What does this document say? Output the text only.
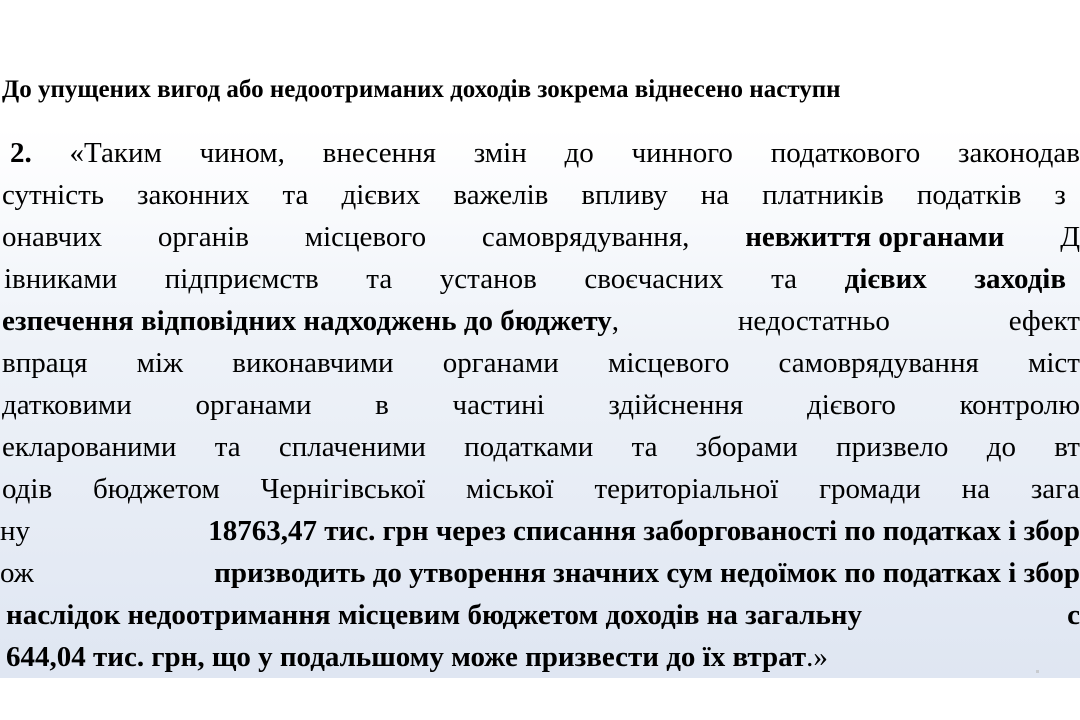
До упущених вигод або недоотриманих доходів зокрема віднесено наступн
2. «Таким чином, внесення змін до чинного податкового законодав
сутність законних та дієвих важелів впливу на платників податків з
онавчих органів місцевого самоврядування, невжиття органами Д
івниками підприємств та установ своєчасних та дієвих заходів
езпечення відповідних надходжень до бюджету,	недостатньо	ефект
впраця між виконавчими органами місцевого самоврядування міст
датковими органами в частині здійснення дієвого контролю
екларованими та сплаченими податками та зборами призвело до вт
одів бюджетом Чернігівської міської територіальної громади на зага
ну	18763,47 тис. грн через списання заборгованості по податках і збор
ож	призводить до утворення значних сум недоїмок по податках і збор
наслідок недоотримання місцевим бюджетом доходів на загальну	с
644,04 тис. грн, що у подальшому може призвести до їх втрат.»
